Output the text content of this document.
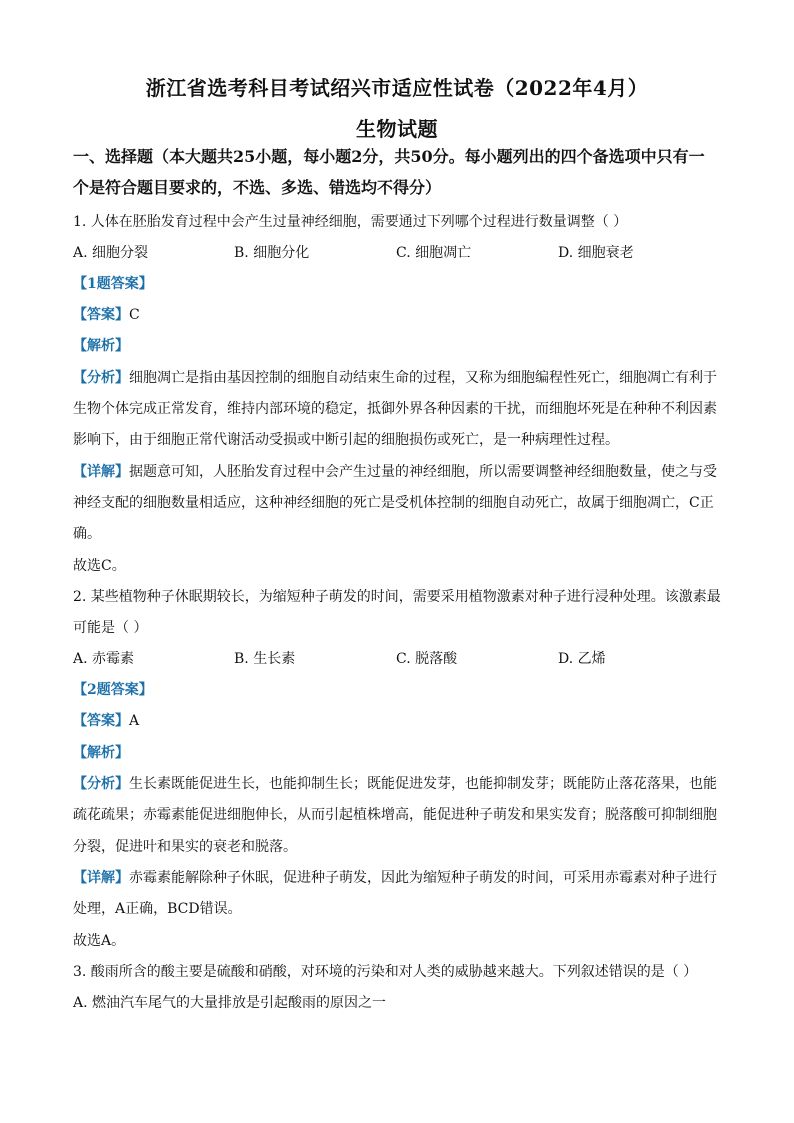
浙江省选考科目考试绍兴市适应性试卷（2022年4月）
生物试题
一、选择题（本大题共25小题，每小题2分，共50分。每小题列出的四个备选项中只有一
个是符合题目要求的，不选、多选、错选均不得分）
1. 人体在胚胎发育过程中会产生过量神经细胞，需要通过下列哪个过程进行数量调整（ ）
A. 细胞分裂	B. 细胞分化	C. 细胞凋亡	D. 细胞衰老
【1题答案】
【答案】C
【解析】
【分析】细胞凋亡是指由基因控制的细胞自动结束生命的过程，又称为细胞编程性死亡，细胞凋亡有利于
生物个体完成正常发育，维持内部环境的稳定，抵御外界各种因素的干扰，而细胞坏死是在种种不利因素
影响下，由于细胞正常代谢活动受损或中断引起的细胞损伤或死亡，是一种病理性过程。
【详解】据题意可知，人胚胎发育过程中会产生过量的神经细胞，所以需要调整神经细胞数量，使之与受
神经支配的细胞数量相适应，这种神经细胞的死亡是受机体控制的细胞自动死亡，故属于细胞凋亡，C正
确。
故选C。
2. 某些植物种子休眠期较长，为缩短种子萌发的时间，需要采用植物激素对种子进行浸种处理。该激素最
可能是（ ）
A. 赤霉素	B. 生长素	C. 脱落酸	D. 乙烯
【2题答案】
【答案】A
【解析】
【分析】生长素既能促进生长，也能抑制生长；既能促进发芽，也能抑制发芽；既能防止落花落果，也能
疏花疏果；赤霉素能促进细胞伸长，从而引起植株增高，能促进种子萌发和果实发育；脱落酸可抑制细胞
分裂，促进叶和果实的衰老和脱落。
【详解】赤霉素能解除种子休眠，促进种子萌发，因此为缩短种子萌发的时间，可采用赤霉素对种子进行
处理，A正确，BCD错误。
故选A。
3. 酸雨所含的酸主要是硫酸和硝酸，对环境的污染和对人类的威胁越来越大。下列叙述错误的是（ ）
A. 燃油汽车尾气的大量排放是引起酸雨的原因之一
